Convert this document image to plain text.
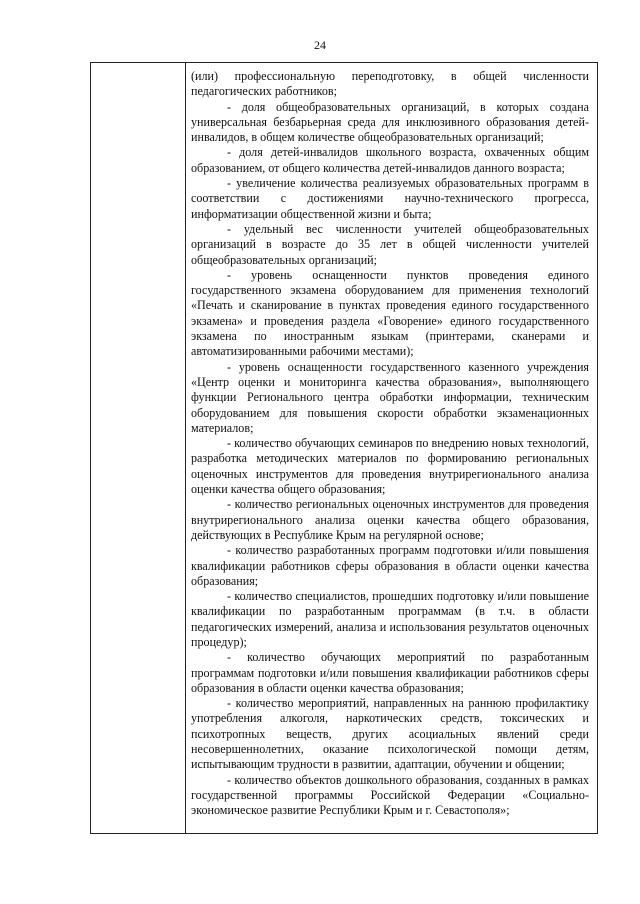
24

(или) профессиональную переподготовку, в общей численности педагогических работников;

- доля общеобразовательных организаций, в которых создана универсальная безбарьерная среда для инклюзивного образования детей-инвалидов, в общем количестве общеобразовательных организаций;

- доля детей-инвалидов школьного возраста, охваченных общим образованием, от общего количества детей-инвалидов данного возраста;

- увеличение количества реализуемых образовательных программ в соответствии с достижениями научно-технического прогресса, информатизации общественной жизни и быта;

- удельный вес численности учителей общеобразовательных организаций в возрасте до 35 лет в общей численности учителей общеобразовательных организаций;

- уровень оснащенности пунктов проведения единого государственного экзамена оборудованием для применения технологий «Печать и сканирование в пунктах проведения единого государственного экзамена» и проведения раздела «Говорение» единого государственного экзамена по иностранным языкам (принтерами, сканерами и автоматизированными рабочими местами);

- уровень оснащенности государственного казенного учреждения «Центр оценки и мониторинга качества образования», выполняющего функции Регионального центра обработки информации, техническим оборудованием для повышения скорости обработки экзаменационных материалов;

- количество обучающих семинаров по внедрению новых технологий, разработка методических материалов по формированию региональных оценочных инструментов для проведения внутрирегионального анализа оценки качества общего образования;

- количество региональных оценочных инструментов для проведения внутрирегионального анализа оценки качества общего образования, действующих в Республике Крым на регулярной основе;

- количество разработанных программ подготовки и/или повышения квалификации работников сферы образования в области оценки качества образования;

- количество специалистов, прошедших подготовку и/или повышение квалификации по разработанным программам (в т.ч. в области педагогических измерений, анализа и использования результатов оценочных процедур);

- количество обучающих мероприятий по разработанным программам подготовки и/или повышения квалификации работников сферы образования в области оценки качества образования;

- количество мероприятий, направленных на раннюю профилактику употребления алкоголя, наркотических средств, токсических и психотропных веществ, других асоциальных явлений среди несовершеннолетних, оказание психологической помощи детям, испытывающим трудности в развитии, адаптации, обучении и общении;

- количество объектов дошкольного образования, созданных в рамках государственной программы Российской Федерации «Социально-экономическое развитие Республики Крым и г. Севастополя»;
